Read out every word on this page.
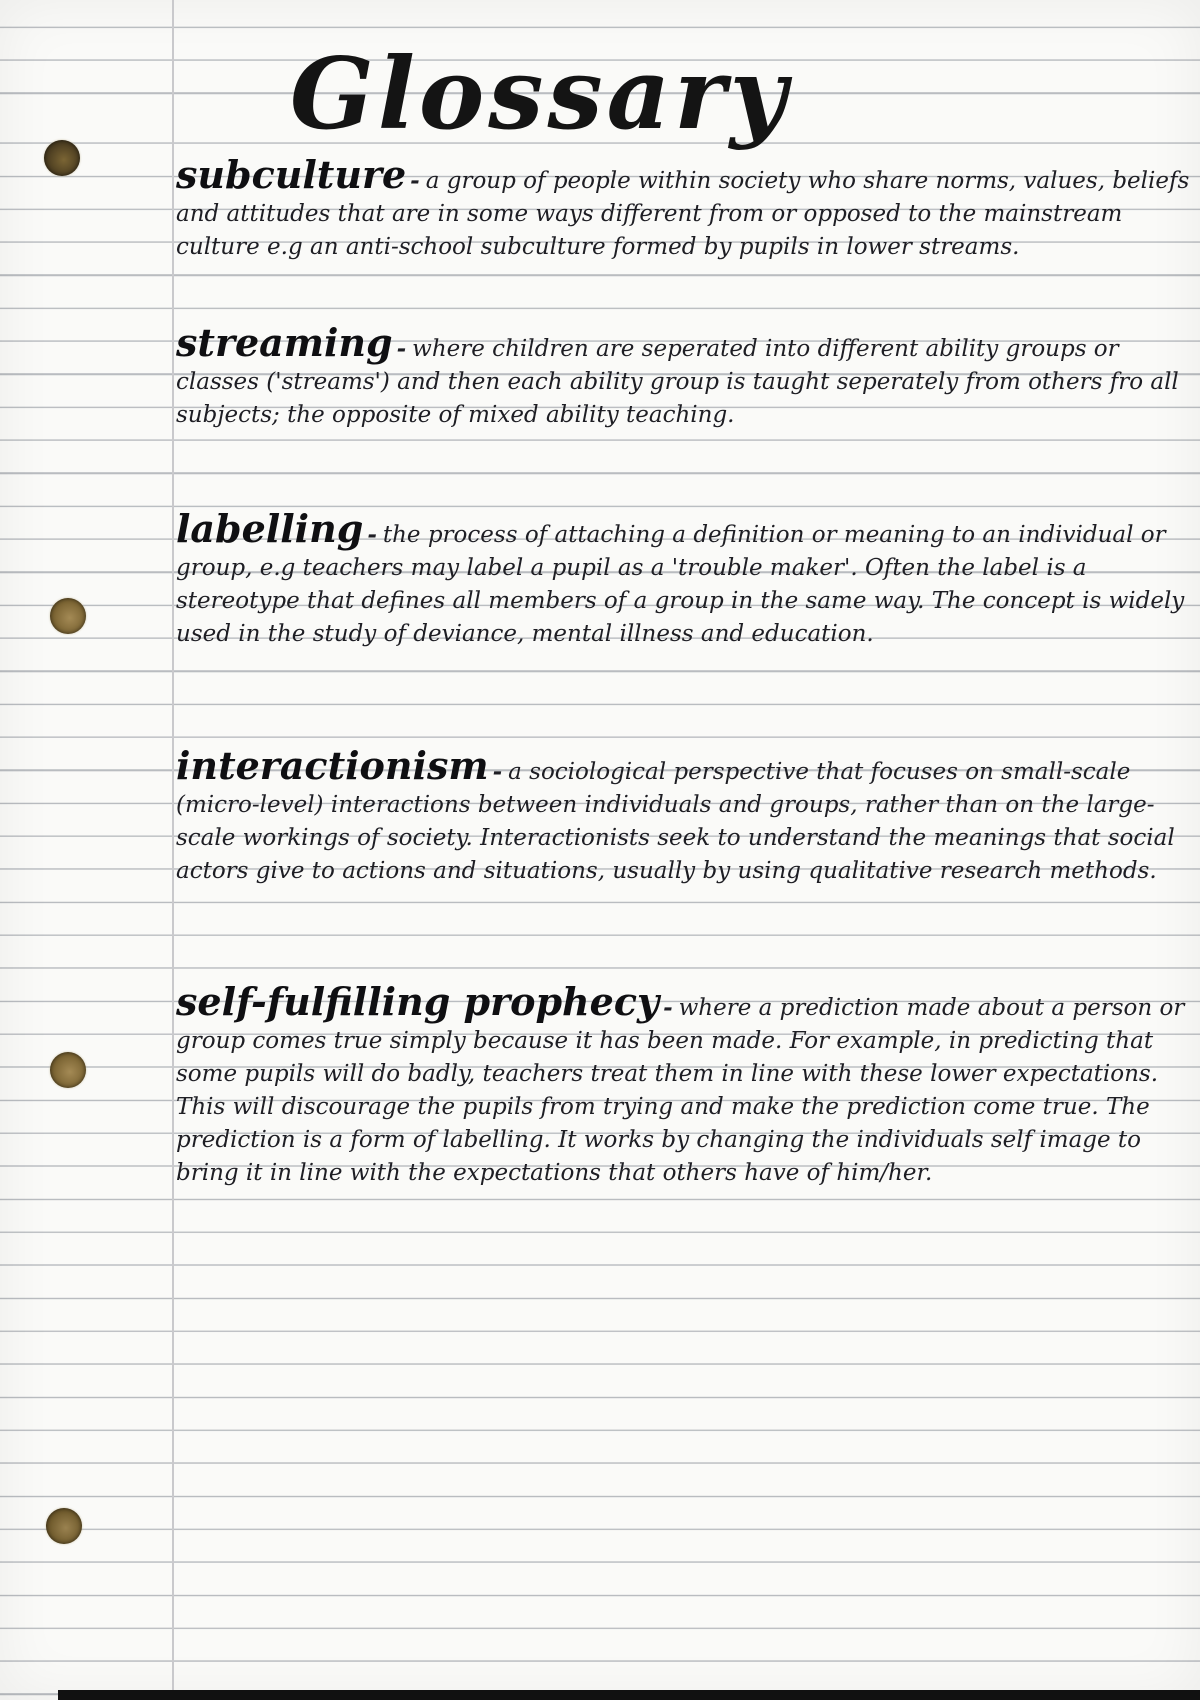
Glossary

subculture - a group of people within society who share norms, values, beliefs and attitudes that are in some ways different from or opposed to the mainstream culture e.g an anti-school subculture formed by pupils in lower streams.

streaming - where children are seperated into different ability groups or classes ('streams') and then each ability group is taught seperately from others fro all subjects; the opposite of mixed ability teaching.

labelling - the process of attaching a definition or meaning to an individual or group, e.g teachers may label a pupil as a 'trouble maker'. Often the label is a stereotype that defines all members of a group in the same way. The concept is widely used in the study of deviance, mental illness and education.

interactionism - a sociological perspective that focuses on small-scale (micro-level) interactions between individuals and groups, rather than on the large-scale workings of society. Interactionists seek to understand the meanings that social actors give to actions and situations, usually by using qualitative research methods.

self-fulfilling prophecy - where a prediction made about a person or group comes true simply because it has been made. For example, in predicting that some pupils will do badly, teachers treat them in line with these lower expectations. This will discourage the pupils from trying and make the prediction come true. The prediction is a form of labelling. It works by changing the individuals self image to bring it in line with the expectations that others have of him/her.
